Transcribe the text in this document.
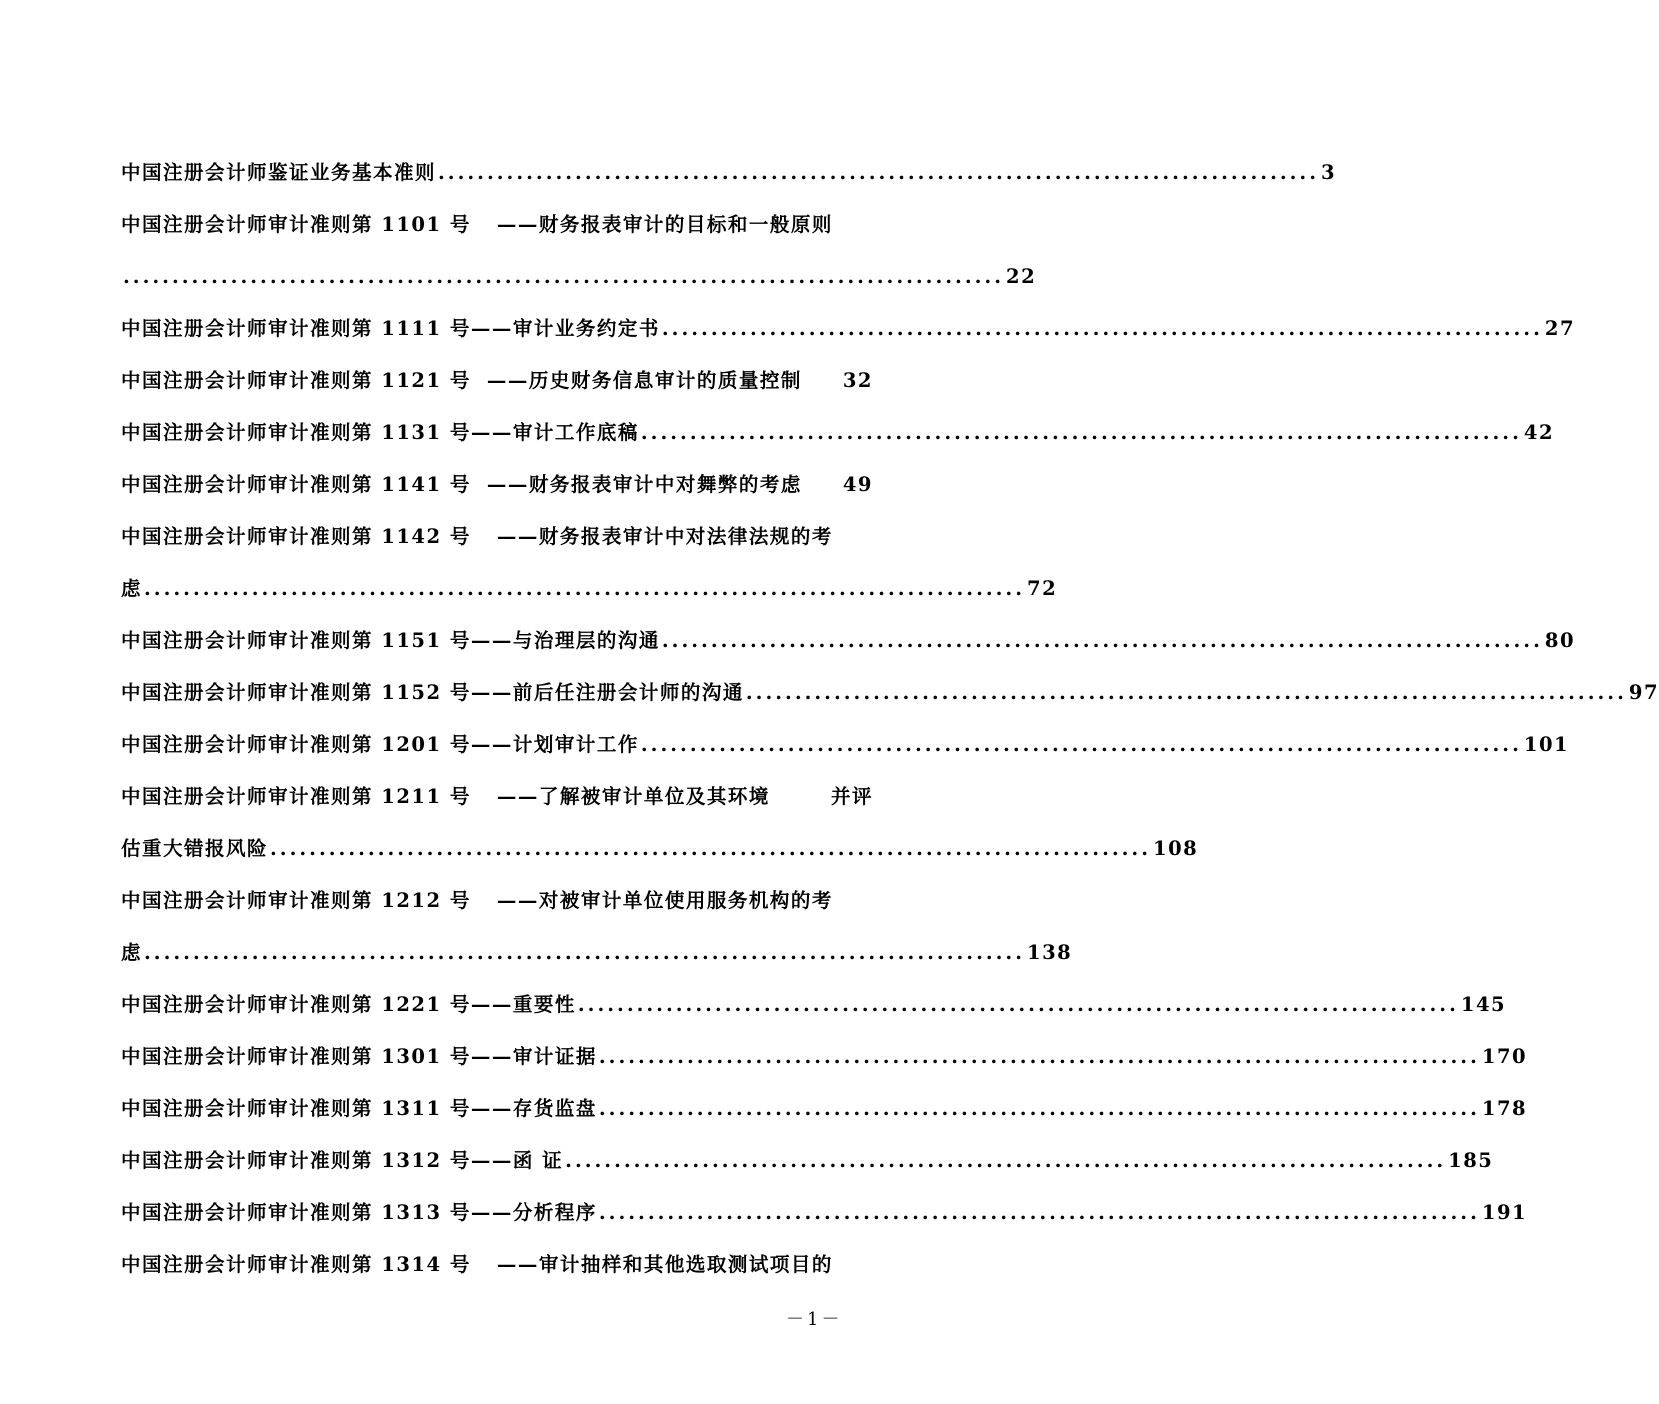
中国注册会计师鉴证业务基本准则 .......................................................................................... 3
中国注册会计师审计准则第 1101 号 ——财务报表审计的目标和一般原则
.......................................................................................... 22
中国注册会计师审计准则第 1111 号 ——审计业务约定书 .......................................................................................... 27
中国注册会计师审计准则第 1121 号 ——历史财务信息审计的质量控制 32
中国注册会计师审计准则第 1131 号 ——审计工作底稿 .......................................................................................... 42
中国注册会计师审计准则第 1141 号 ——财务报表审计中对舞弊的考虑 49
中国注册会计师审计准则第 1142 号 ——财务报表审计中对法律法规的考
虑 .......................................................................................... 72
中国注册会计师审计准则第 1151 号 ——与治理层的沟通 .......................................................................................... 80
中国注册会计师审计准则第 1152 号 ——前后任注册会计师的沟通 .......................................................................................... 97
中国注册会计师审计准则第 1201 号 ——计划审计工作 .......................................................................................... 101
中国注册会计师审计准则第 1211 号 ——了解被审计单位及其环境	并评
估重大错报风险 .......................................................................................... 108
中国注册会计师审计准则第 1212 号 ——对被审计单位使用服务机构的考
虑 .......................................................................................... 138
中国注册会计师审计准则第 1221 号 ——重要性 .......................................................................................... 145
中国注册会计师审计准则第 1301 号 ——审计证据 .......................................................................................... 170
中国注册会计师审计准则第 1311 号 ——存货监盘 .......................................................................................... 178
中国注册会计师审计准则第 1312 号 ——函 证 .......................................................................................... 185
中国注册会计师审计准则第 1313 号 ——分析程序 .......................................................................................... 191
中国注册会计师审计准则第 1314 号 ——审计抽样和其他选取测试项目的
－1－
